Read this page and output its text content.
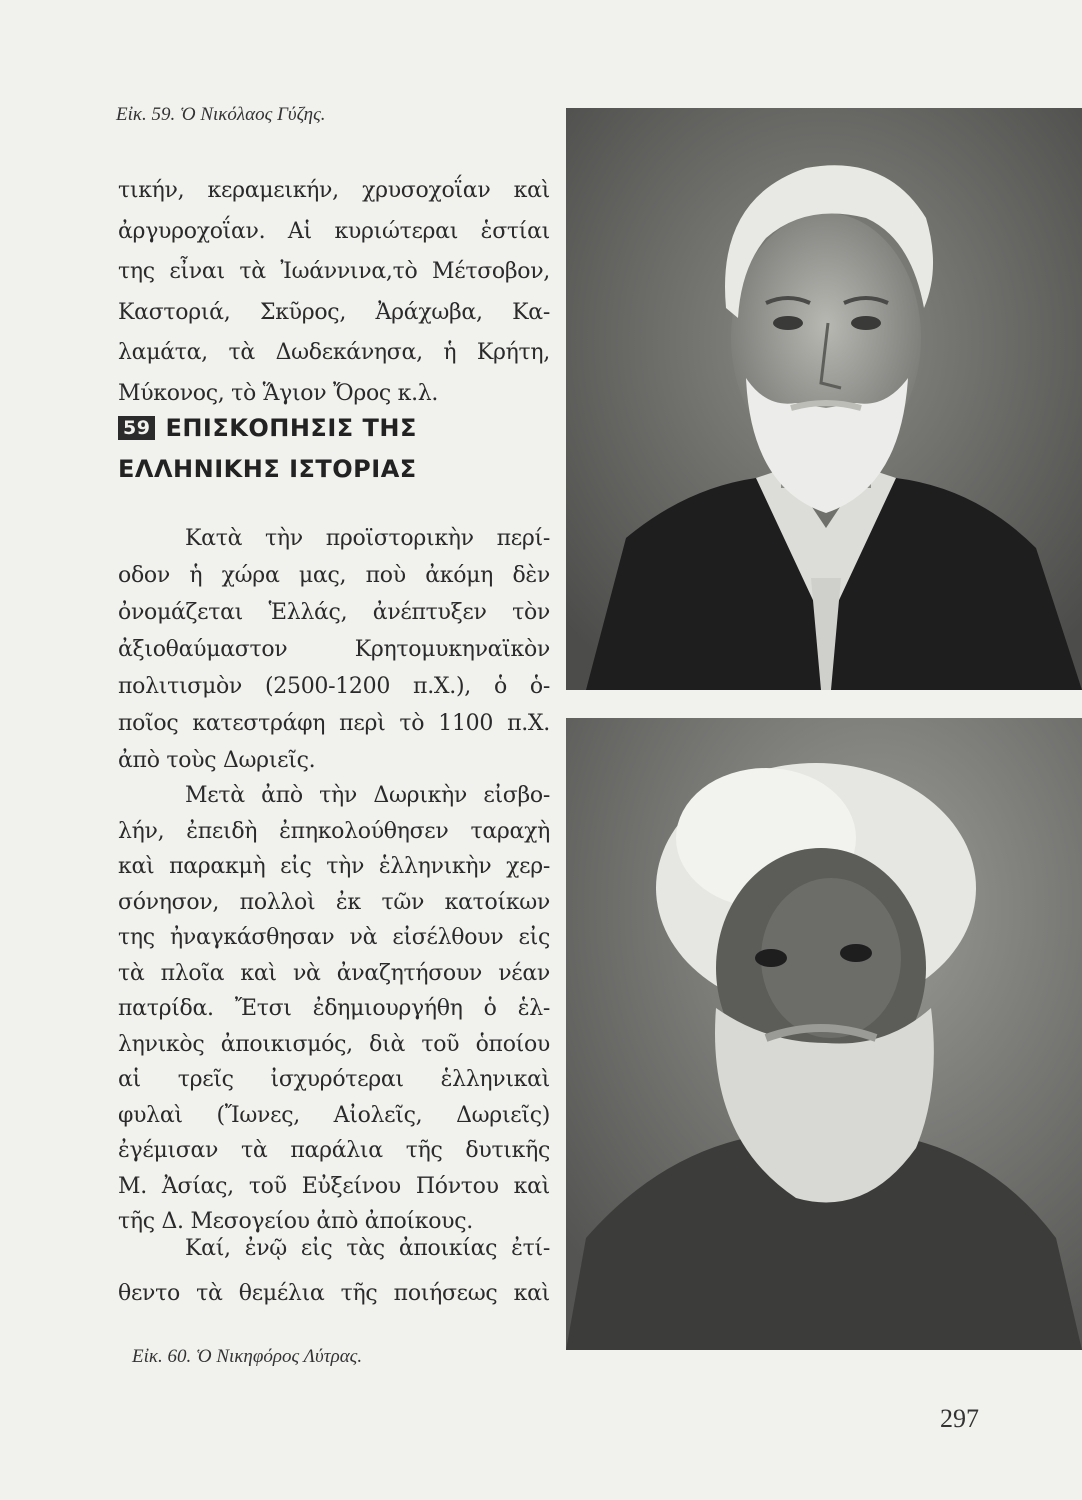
Εἰκ. 59. Ὁ Νικόλαος Γύζης.
τικήν, κεραμεικήν, χρυσοχοΐαν καὶ
ἀργυροχοΐαν. Αἱ κυριώτεραι ἑστίαι
της εἶναι τὰ Ἰωάννινα,τὸ Μέτσοβον,
Καστοριά, Σκῦρος, Ἀράχωβα, Κα-
λαμάτα, τὰ Δωδεκάνησα, ἡ Κρήτη,
Μύκονος, τὸ Ἅγιον Ὄρος κ.λ.
59 ΕΠΙΣΚΟΠΗΣΙΣ ΤΗΣ
ΕΛΛΗΝΙΚΗΣ ΙΣΤΟΡΙΑΣ
Κατὰ τὴν προϊστορικὴν περί-
οδον ἡ χώρα μας, ποὺ ἀκόμη δὲν
ὀνομάζεται Ἑλλάς, ἀνέπτυξεν τὸν
ἀξιοθαύμαστον Κρητομυκηναϊκὸν
πολιτισμὸν (2500-1200 π.Χ.), ὁ ὁ-
ποῖος κατεστράφη περὶ τὸ 1100 π.Χ.
ἀπὸ τοὺς Δωριεῖς.
Μετὰ ἀπὸ τὴν Δωρικὴν εἰσβο-
λήν, ἐπειδὴ ἐπηκολούθησεν ταραχὴ
καὶ παρακμὴ εἰς τὴν ἑλληνικὴν χερ-
σόνησον, πολλοὶ ἐκ τῶν κατοίκων
της ἠναγκάσθησαν νὰ εἰσέλθουν εἰς
τὰ πλοῖα καὶ νὰ ἀναζητήσουν νέαν
πατρίδα. Ἔτσι ἐδημιουργήθη ὁ ἑλ-
ληνικὸς ἀποικισμός, διὰ τοῦ ὁποίου
αἱ τρεῖς ἰσχυρότεραι ἑλληνικαὶ
φυλαὶ (Ἴωνες, Αἰολεῖς, Δωριεῖς)
ἐγέμισαν τὰ παράλια τῆς δυτικῆς
Μ. Ἀσίας, τοῦ Εὐξείνου Πόντου καὶ
τῆς Δ. Μεσογείου ἀπὸ ἀποίκους.
Καί, ἐνῷ εἰς τὰς ἀποικίας ἐτί-
θεντο τὰ θεμέλια τῆς ποιήσεως καὶ
Εἰκ. 60. Ὁ Νικηφόρος Λύτρας.
297
